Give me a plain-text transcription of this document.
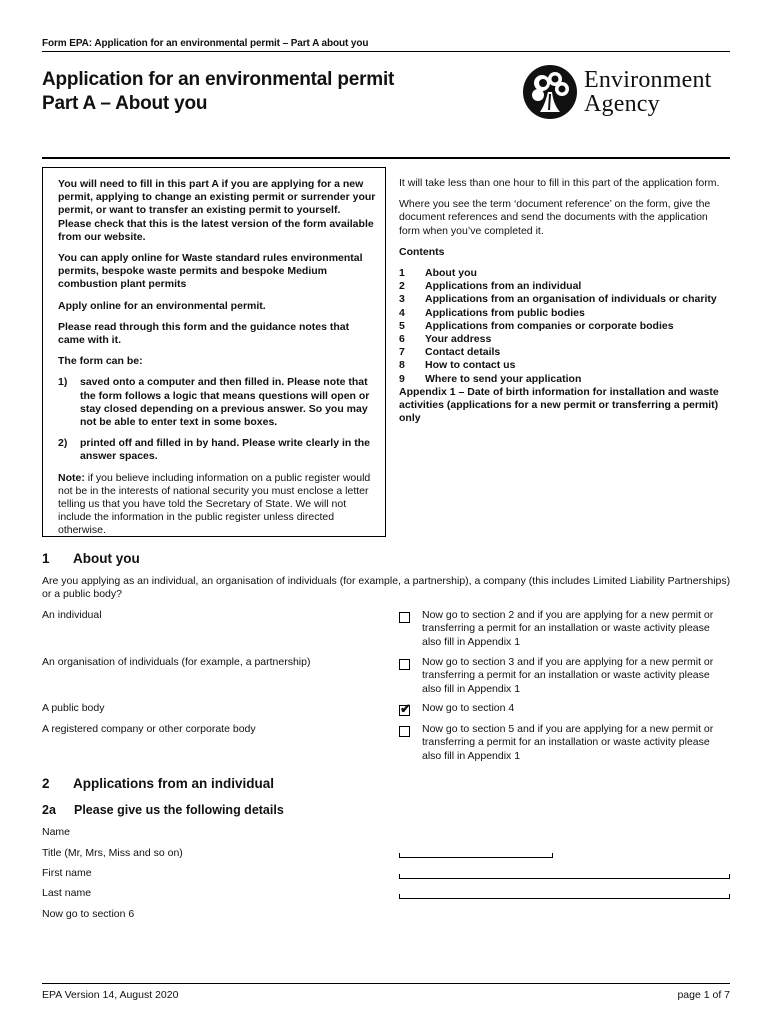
Form EPA: Application for an environmental permit – Part A about you
Application for an environmental permit
Part A – About you
Environment
Agency

You will need to fill in this part A if you are applying for a new permit, applying to change an existing permit or surrender your permit, or want to transfer an existing permit to yourself. Please check that this is the latest version of the form available from our website.

You can apply online for Waste standard rules environmental permits, bespoke waste permits and bespoke Medium combustion plant permits

Apply online for an environmental permit.

Please read through this form and the guidance notes that came with it.

The form can be:

1)	saved onto a computer and then filled in. Please note that the form follows a logic that means questions will open or stay closed depending on a previous answer. So you may not be able to enter text in some boxes.
2)	printed off and filled in by hand. Please write clearly in the answer spaces.

Note: if you believe including information on a public register would not be in the interests of national security you must enclose a letter telling us that you have told the Secretary of State. We will not include the information in the public register unless directed otherwise.

It will take less than one hour to fill in this part of the application form.

Where you see the term ‘document reference’ on the form, give the document references and send the documents with the application form when you’ve completed it.

Contents
1	About you
2	Applications from an individual
3	Applications from an organisation of individuals or charity
4	Applications from public bodies
5	Applications from companies or corporate bodies
6	Your address
7	Contact details
8	How to contact us
9	Where to send your application
Appendix 1 – Date of birth information for installation and waste activities (applications for a new permit or transferring a permit) only
1	About you
Are you applying as an individual, an organisation of individuals (for example, a partnership), a company (this includes Limited Liability Partnerships) or a public body?
An individual	Now go to section 2 and if you are applying for a new permit or transferring a permit for an installation or waste activity please also fill in Appendix 1
An organisation of individuals (for example, a partnership)	Now go to section 3 and if you are applying for a new permit or transferring a permit for an installation or waste activity please also fill in Appendix 1
A public body	✔ Now go to section 4
A registered company or other corporate body	Now go to section 5 and if you are applying for a new permit or transferring a permit for an installation or waste activity please also fill in Appendix 1
2	Applications from an individual
2a	Please give us the following details
Name
Title (Mr, Mrs, Miss and so on)
First name
Last name
Now go to section 6
EPA Version 14, August 2020	page 1 of 7
